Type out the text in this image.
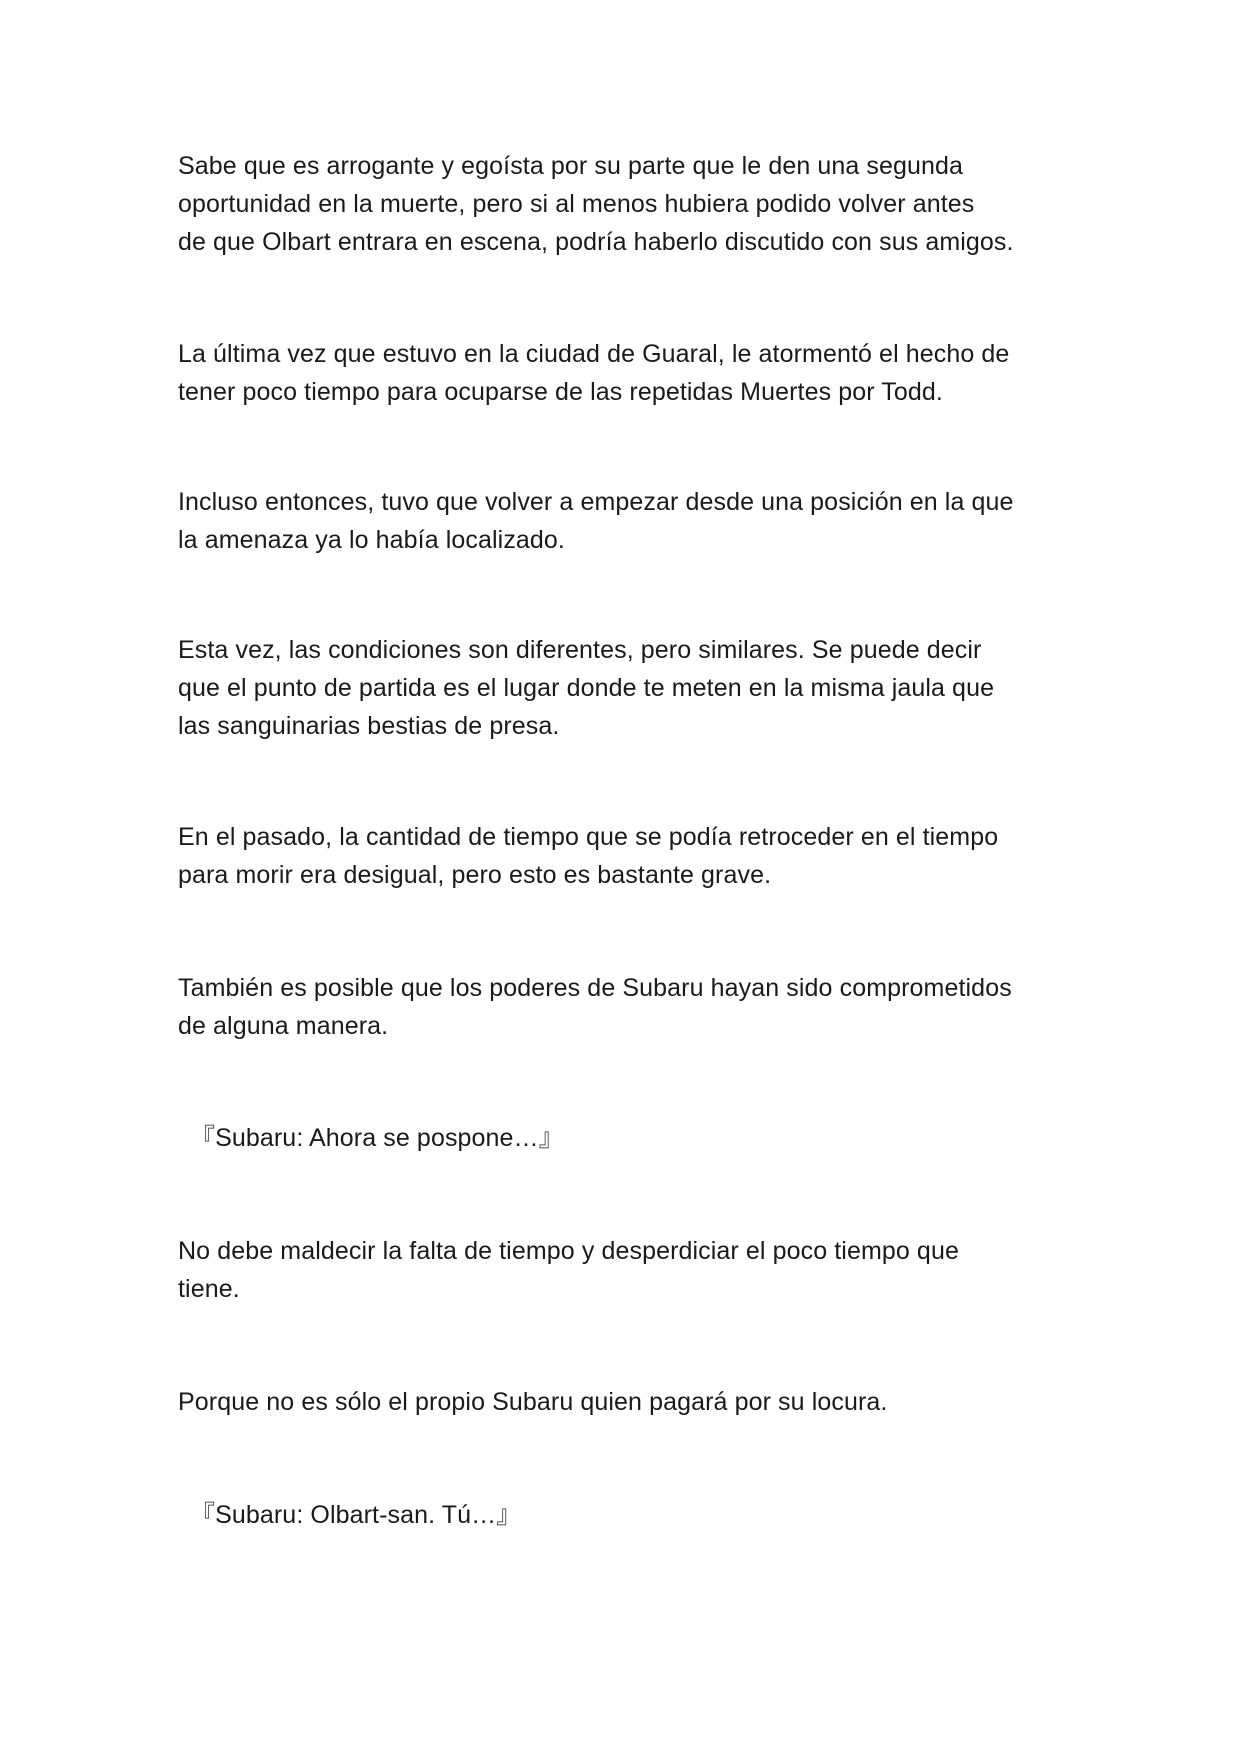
Sabe que es arrogante y egoísta por su parte que le den una segunda
oportunidad en la muerte, pero si al menos hubiera podido volver antes
de que Olbart entrara en escena, podría haberlo discutido con sus amigos.

La última vez que estuvo en la ciudad de Guaral, le atormentó el hecho de
tener poco tiempo para ocuparse de las repetidas Muertes por Todd.

Incluso entonces, tuvo que volver a empezar desde una posición en la que
la amenaza ya lo había localizado.

Esta vez, las condiciones son diferentes, pero similares. Se puede decir
que el punto de partida es el lugar donde te meten en la misma jaula que
las sanguinarias bestias de presa.

En el pasado, la cantidad de tiempo que se podía retroceder en el tiempo
para morir era desigual, pero esto es bastante grave.

También es posible que los poderes de Subaru hayan sido comprometidos
de alguna manera.

『Subaru: Ahora se pospone…』

No debe maldecir la falta de tiempo y desperdiciar el poco tiempo que
tiene.

Porque no es sólo el propio Subaru quien pagará por su locura.

『Subaru: Olbart-san. Tú…』
